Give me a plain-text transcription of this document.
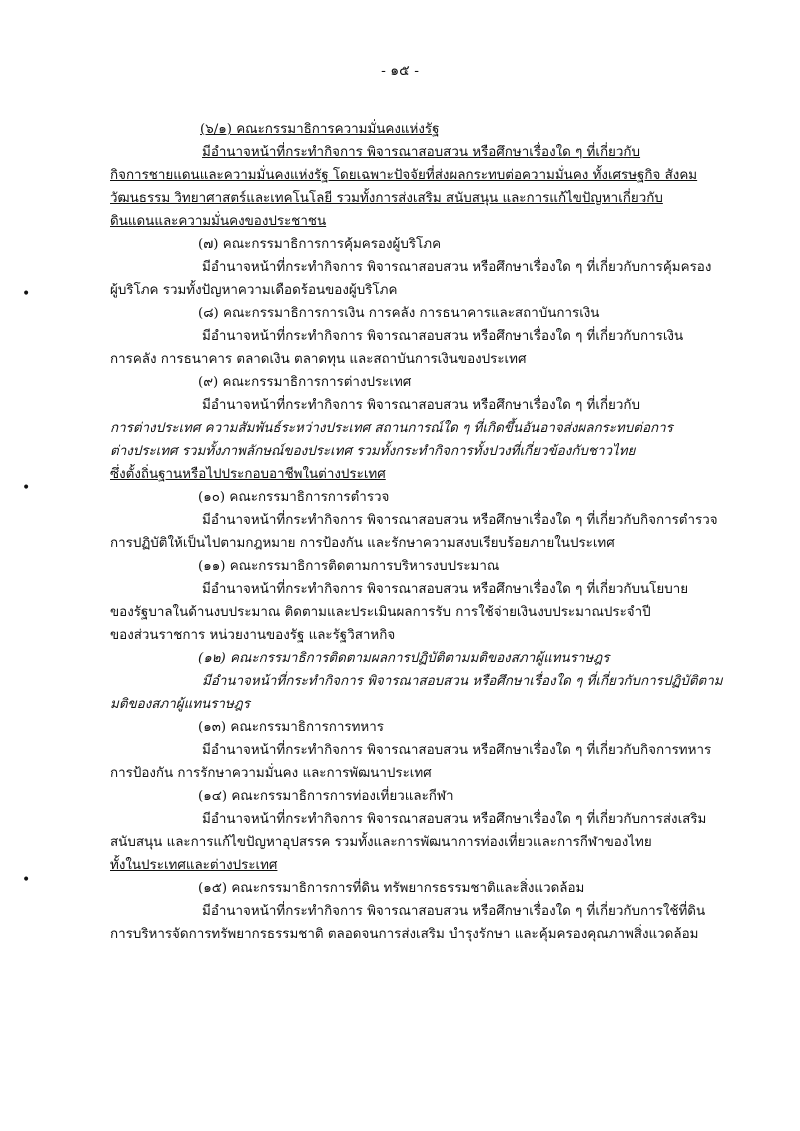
- ๑๕ -
•
•
•
(๖/๑) คณะกรรมาธิการความมั่นคงแห่งรัฐ
มีอำนาจหน้าที่กระทำกิจการ พิจารณาสอบสวน หรือศึกษาเรื่องใด ๆ ที่เกี่ยวกับ
กิจการชายแดนและความมั่นคงแห่งรัฐ โดยเฉพาะปัจจัยที่ส่งผลกระทบต่อความมั่นคง ทั้งเศรษฐกิจ สังคม
วัฒนธรรม วิทยาศาสตร์และเทคโนโลยี รวมทั้งการส่งเสริม สนับสนุน และการแก้ไขปัญหาเกี่ยวกับ
ดินแดนและความมั่นคงของประชาชน
(๗) คณะกรรมาธิการการคุ้มครองผู้บริโภค
มีอำนาจหน้าที่กระทำกิจการ พิจารณาสอบสวน หรือศึกษาเรื่องใด ๆ ที่เกี่ยวกับการคุ้มครอง
ผู้บริโภค รวมทั้งปัญหาความเดือดร้อนของผู้บริโภค
(๘) คณะกรรมาธิการการเงิน การคลัง การธนาคารและสถาบันการเงิน
มีอำนาจหน้าที่กระทำกิจการ พิจารณาสอบสวน หรือศึกษาเรื่องใด ๆ ที่เกี่ยวกับการเงิน
การคลัง การธนาคาร ตลาดเงิน ตลาดทุน และสถาบันการเงินของประเทศ
(๙) คณะกรรมาธิการการต่างประเทศ
มีอำนาจหน้าที่กระทำกิจการ พิจารณาสอบสวน หรือศึกษาเรื่องใด ๆ ที่เกี่ยวกับ
การต่างประเทศ ความสัมพันธ์ระหว่างประเทศ สถานการณ์ใด ๆ ที่เกิดขึ้นอันอาจส่งผลกระทบต่อการ
ต่างประเทศ รวมทั้งภาพลักษณ์ของประเทศ รวมทั้งกระทำกิจการทั้งปวงที่เกี่ยวข้องกับชาวไทย
ซึ่งตั้งถิ่นฐานหรือไปประกอบอาชีพในต่างประเทศ
(๑๐) คณะกรรมาธิการการตำรวจ
มีอำนาจหน้าที่กระทำกิจการ พิจารณาสอบสวน หรือศึกษาเรื่องใด ๆ ที่เกี่ยวกับกิจการตำรวจ
การปฏิบัติให้เป็นไปตามกฎหมาย การป้องกัน และรักษาความสงบเรียบร้อยภายในประเทศ
(๑๑) คณะกรรมาธิการติดตามการบริหารงบประมาณ
มีอำนาจหน้าที่กระทำกิจการ พิจารณาสอบสวน หรือศึกษาเรื่องใด ๆ ที่เกี่ยวกับนโยบาย
ของรัฐบาลในด้านงบประมาณ ติดตามและประเมินผลการรับ การใช้จ่ายเงินงบประมาณประจำปี
ของส่วนราชการ หน่วยงานของรัฐ และรัฐวิสาหกิจ
(๑๒) คณะกรรมาธิการติดตามผลการปฏิบัติตามมติของสภาผู้แทนราษฎร
มีอำนาจหน้าที่กระทำกิจการ พิจารณาสอบสวน หรือศึกษาเรื่องใด ๆ ที่เกี่ยวกับการปฏิบัติตาม
มติของสภาผู้แทนราษฎร
(๑๓) คณะกรรมาธิการการทหาร
มีอำนาจหน้าที่กระทำกิจการ พิจารณาสอบสวน หรือศึกษาเรื่องใด ๆ ที่เกี่ยวกับกิจการทหาร
การป้องกัน การรักษาความมั่นคง และการพัฒนาประเทศ
(๑๔) คณะกรรมาธิการการท่องเที่ยวและกีฬา
มีอำนาจหน้าที่กระทำกิจการ พิจารณาสอบสวน หรือศึกษาเรื่องใด ๆ ที่เกี่ยวกับการส่งเสริม
สนับสนุน และการแก้ไขปัญหาอุปสรรค รวมทั้งและการพัฒนาการท่องเที่ยวและการกีฬาของไทย
ทั้งในประเทศและต่างประเทศ
(๑๕) คณะกรรมาธิการการที่ดิน ทรัพยากรธรรมชาติและสิ่งแวดล้อม
มีอำนาจหน้าที่กระทำกิจการ พิจารณาสอบสวน หรือศึกษาเรื่องใด ๆ ที่เกี่ยวกับการใช้ที่ดิน
การบริหารจัดการทรัพยากรธรรมชาติ ตลอดจนการส่งเสริม บำรุงรักษา และคุ้มครองคุณภาพสิ่งแวดล้อม
